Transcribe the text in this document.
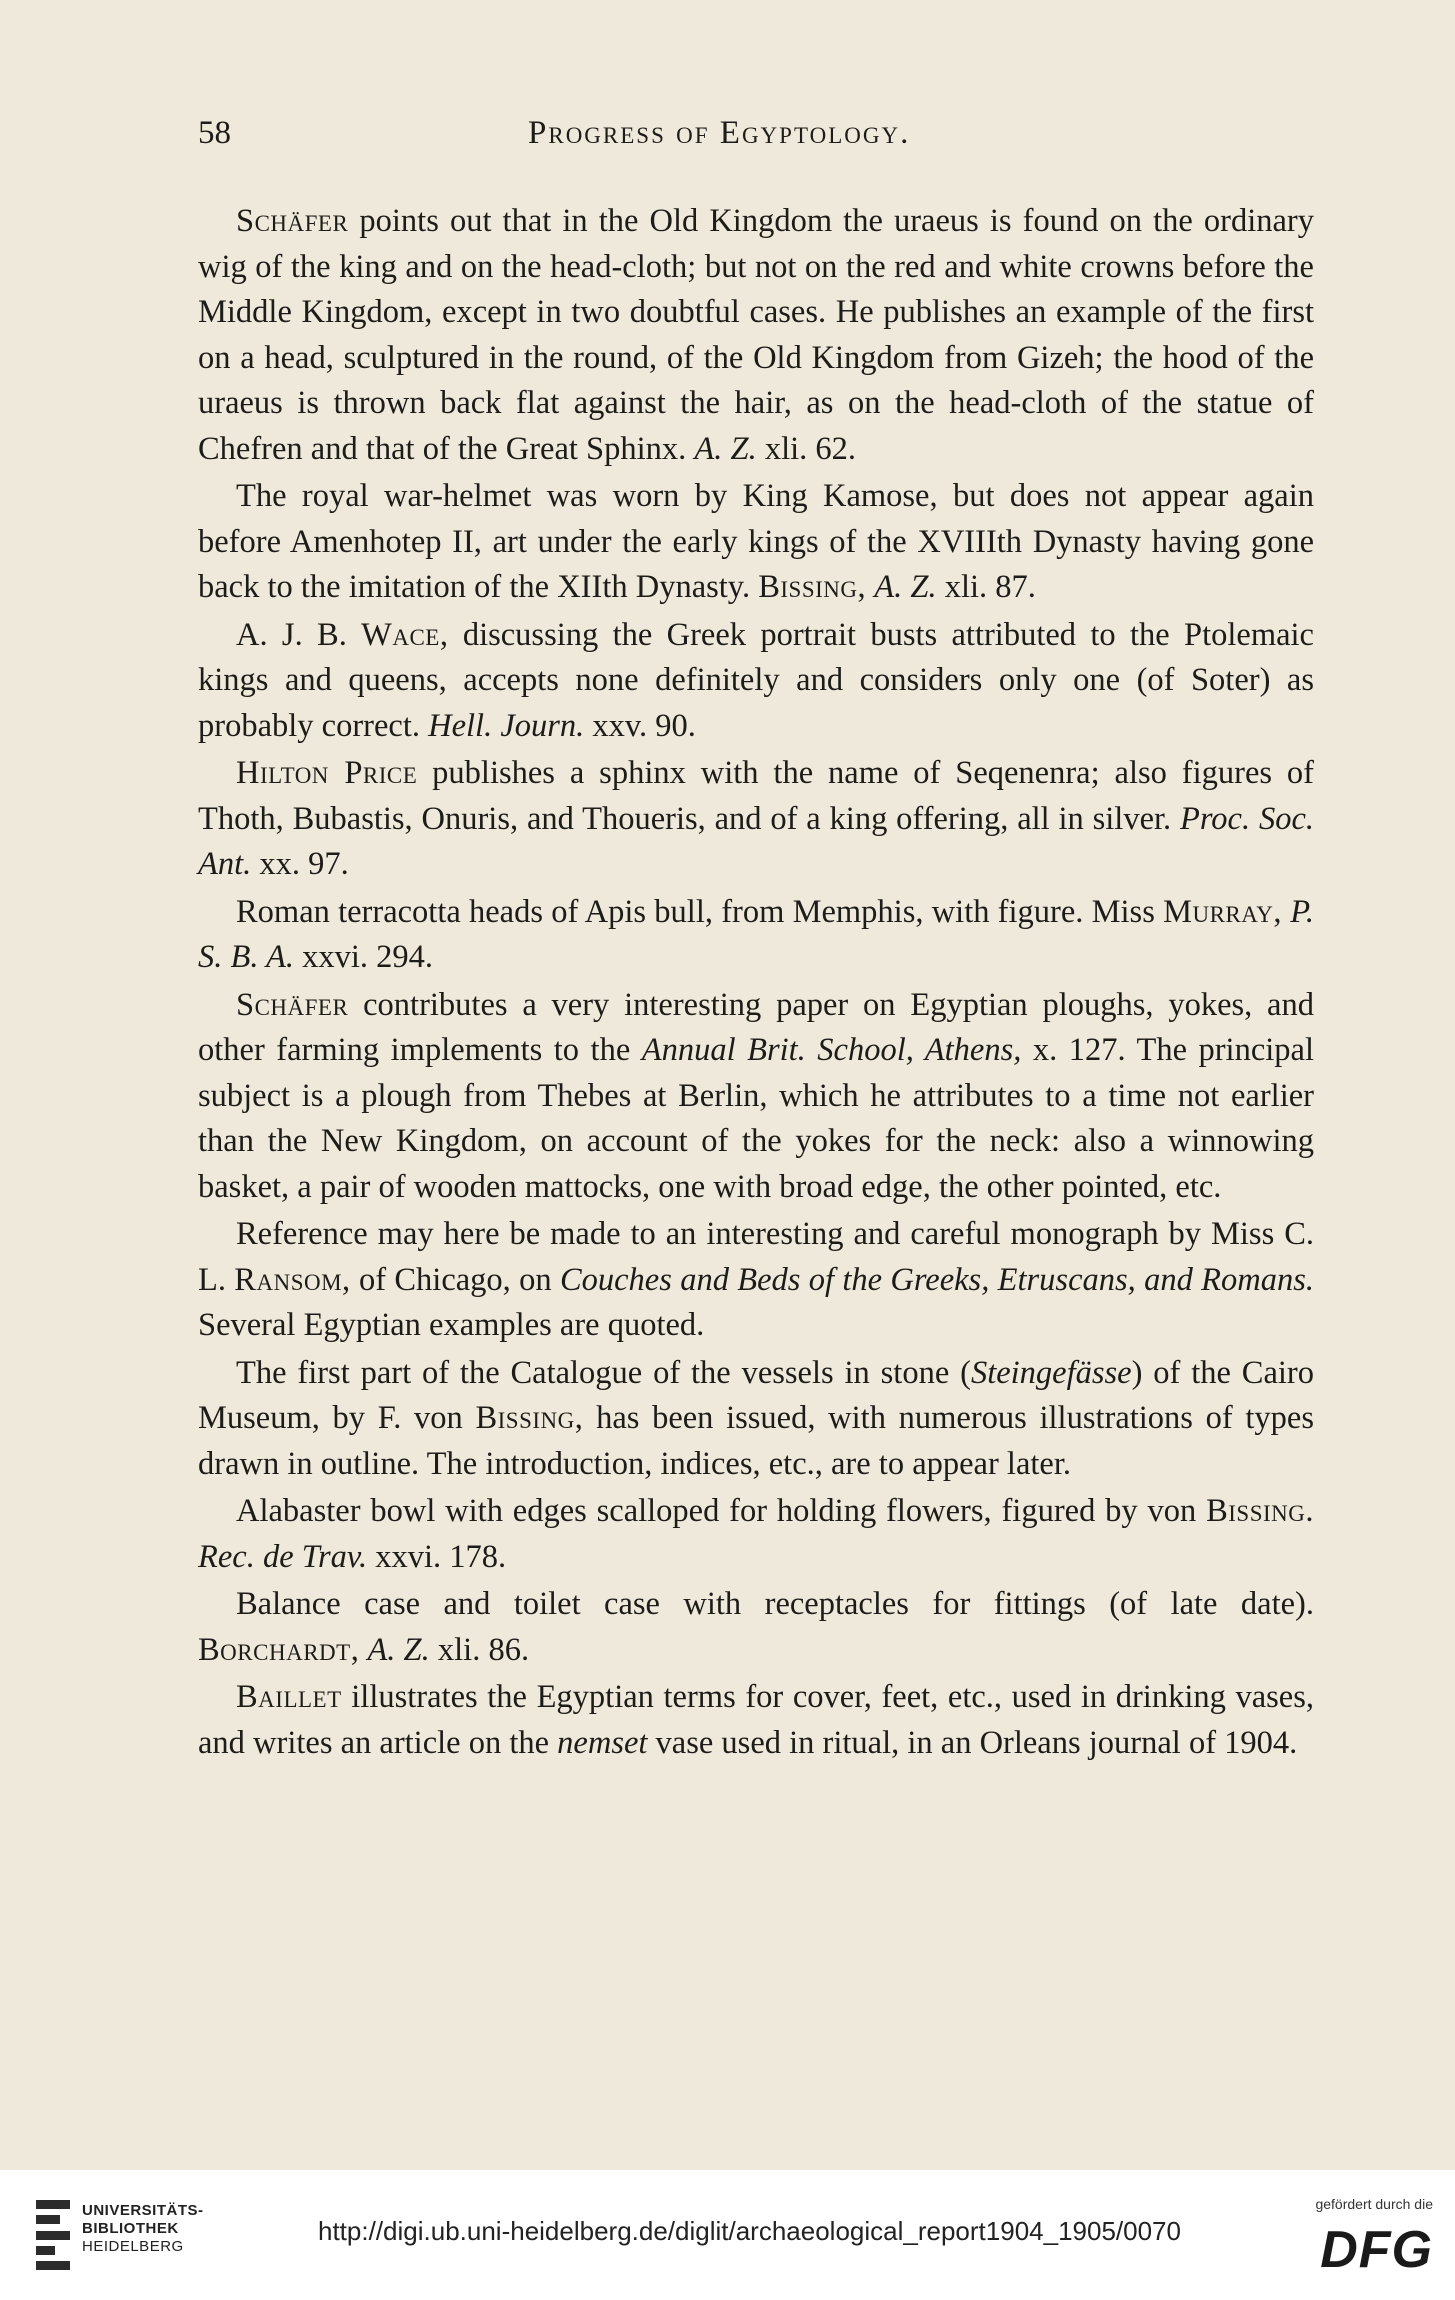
58	Progress of Egyptology.

Schäfer points out that in the Old Kingdom the uraeus is found on the ordinary wig of the king and on the head-cloth; but not on the red and white crowns before the Middle Kingdom, except in two doubtful cases. He publishes an example of the first on a head, sculptured in the round, of the Old Kingdom from Gizeh; the hood of the uraeus is thrown back flat against the hair, as on the head-cloth of the statue of Chefren and that of the Great Sphinx. A. Z. xli. 62.

The royal war-helmet was worn by King Kamose, but does not appear again before Amenhotep II, art under the early kings of the XVIIIth Dynasty having gone back to the imitation of the XIIth Dynasty. Bissing, A. Z. xli. 87.

A. J. B. Wace, discussing the Greek portrait busts attributed to the Ptolemaic kings and queens, accepts none definitely and considers only one (of Soter) as probably correct. Hell. Journ. xxv. 90.

Hilton Price publishes a sphinx with the name of Seqenenra; also figures of Thoth, Bubastis, Onuris, and Thoueris, and of a king offering, all in silver. Proc. Soc. Ant. xx. 97.

Roman terracotta heads of Apis bull, from Memphis, with figure. Miss Murray, P. S. B. A. xxvi. 294.

Schäfer contributes a very interesting paper on Egyptian ploughs, yokes, and other farming implements to the Annual Brit. School, Athens, x. 127. The principal subject is a plough from Thebes at Berlin, which he attributes to a time not earlier than the New Kingdom, on account of the yokes for the neck: also a winnowing basket, a pair of wooden mattocks, one with broad edge, the other pointed, etc.

Reference may here be made to an interesting and careful monograph by Miss C. L. Ransom, of Chicago, on Couches and Beds of the Greeks, Etruscans, and Romans. Several Egyptian examples are quoted.

The first part of the Catalogue of the vessels in stone (Steingefässe) of the Cairo Museum, by F. von Bissing, has been issued, with numerous illustrations of types drawn in outline. The introduction, indices, etc., are to appear later.

Alabaster bowl with edges scalloped for holding flowers, figured by von Bissing. Rec. de Trav. xxvi. 178.

Balance case and toilet case with receptacles for fittings (of late date). Borchardt, A. Z. xli. 86.

Baillet illustrates the Egyptian terms for cover, feet, etc., used in drinking vases, and writes an article on the nemset vase used in ritual, in an Orleans journal of 1904.

UNIVERSITÄTS-
BIBLIOTHEK
HEIDELBERG
http://digi.ub.uni-heidelberg.de/diglit/archaeological_report1904_1905/0070
gefördert durch die
DFG
